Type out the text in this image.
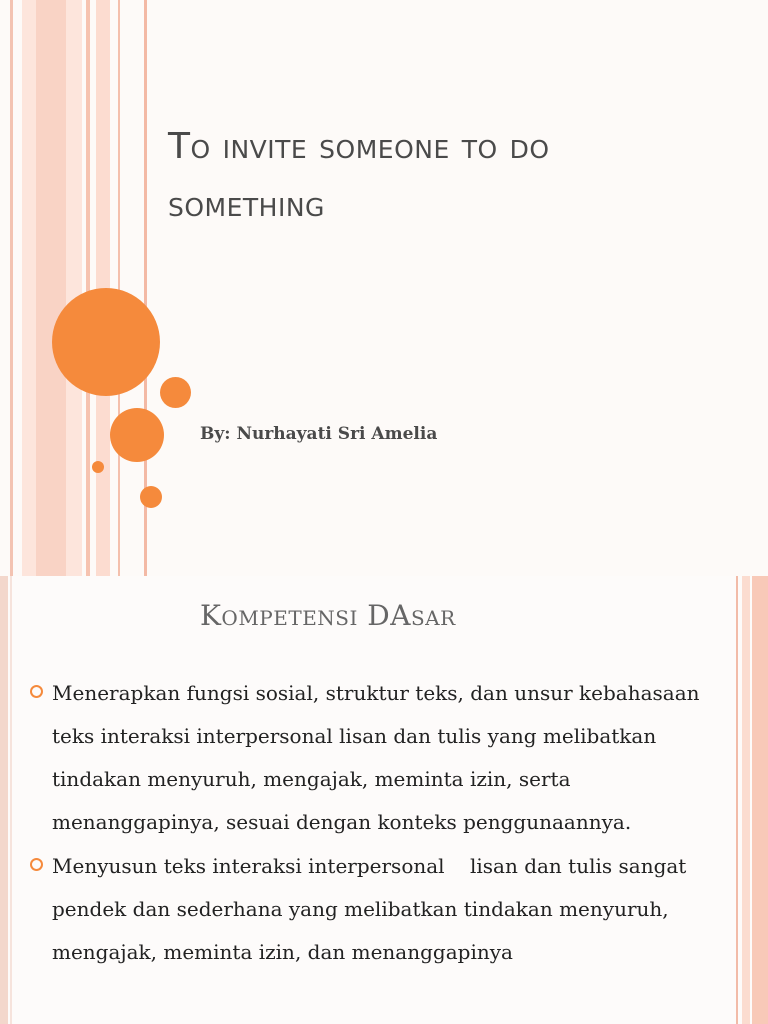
To invite someone to do
something

By: Nurhayati Sri Amelia

Kompetensi DAsar

Menerapkan fungsi sosial, struktur teks, dan unsur kebahasaan teks interaksi interpersonal lisan dan tulis yang melibatkan tindakan menyuruh, mengajak, meminta izin, serta menanggapinya, sesuai dengan konteks penggunaannya.

Menyusun teks interaksi interpersonal    lisan dan tulis sangat pendek dan sederhana yang melibatkan tindakan menyuruh, mengajak, meminta izin, dan menanggapinya
